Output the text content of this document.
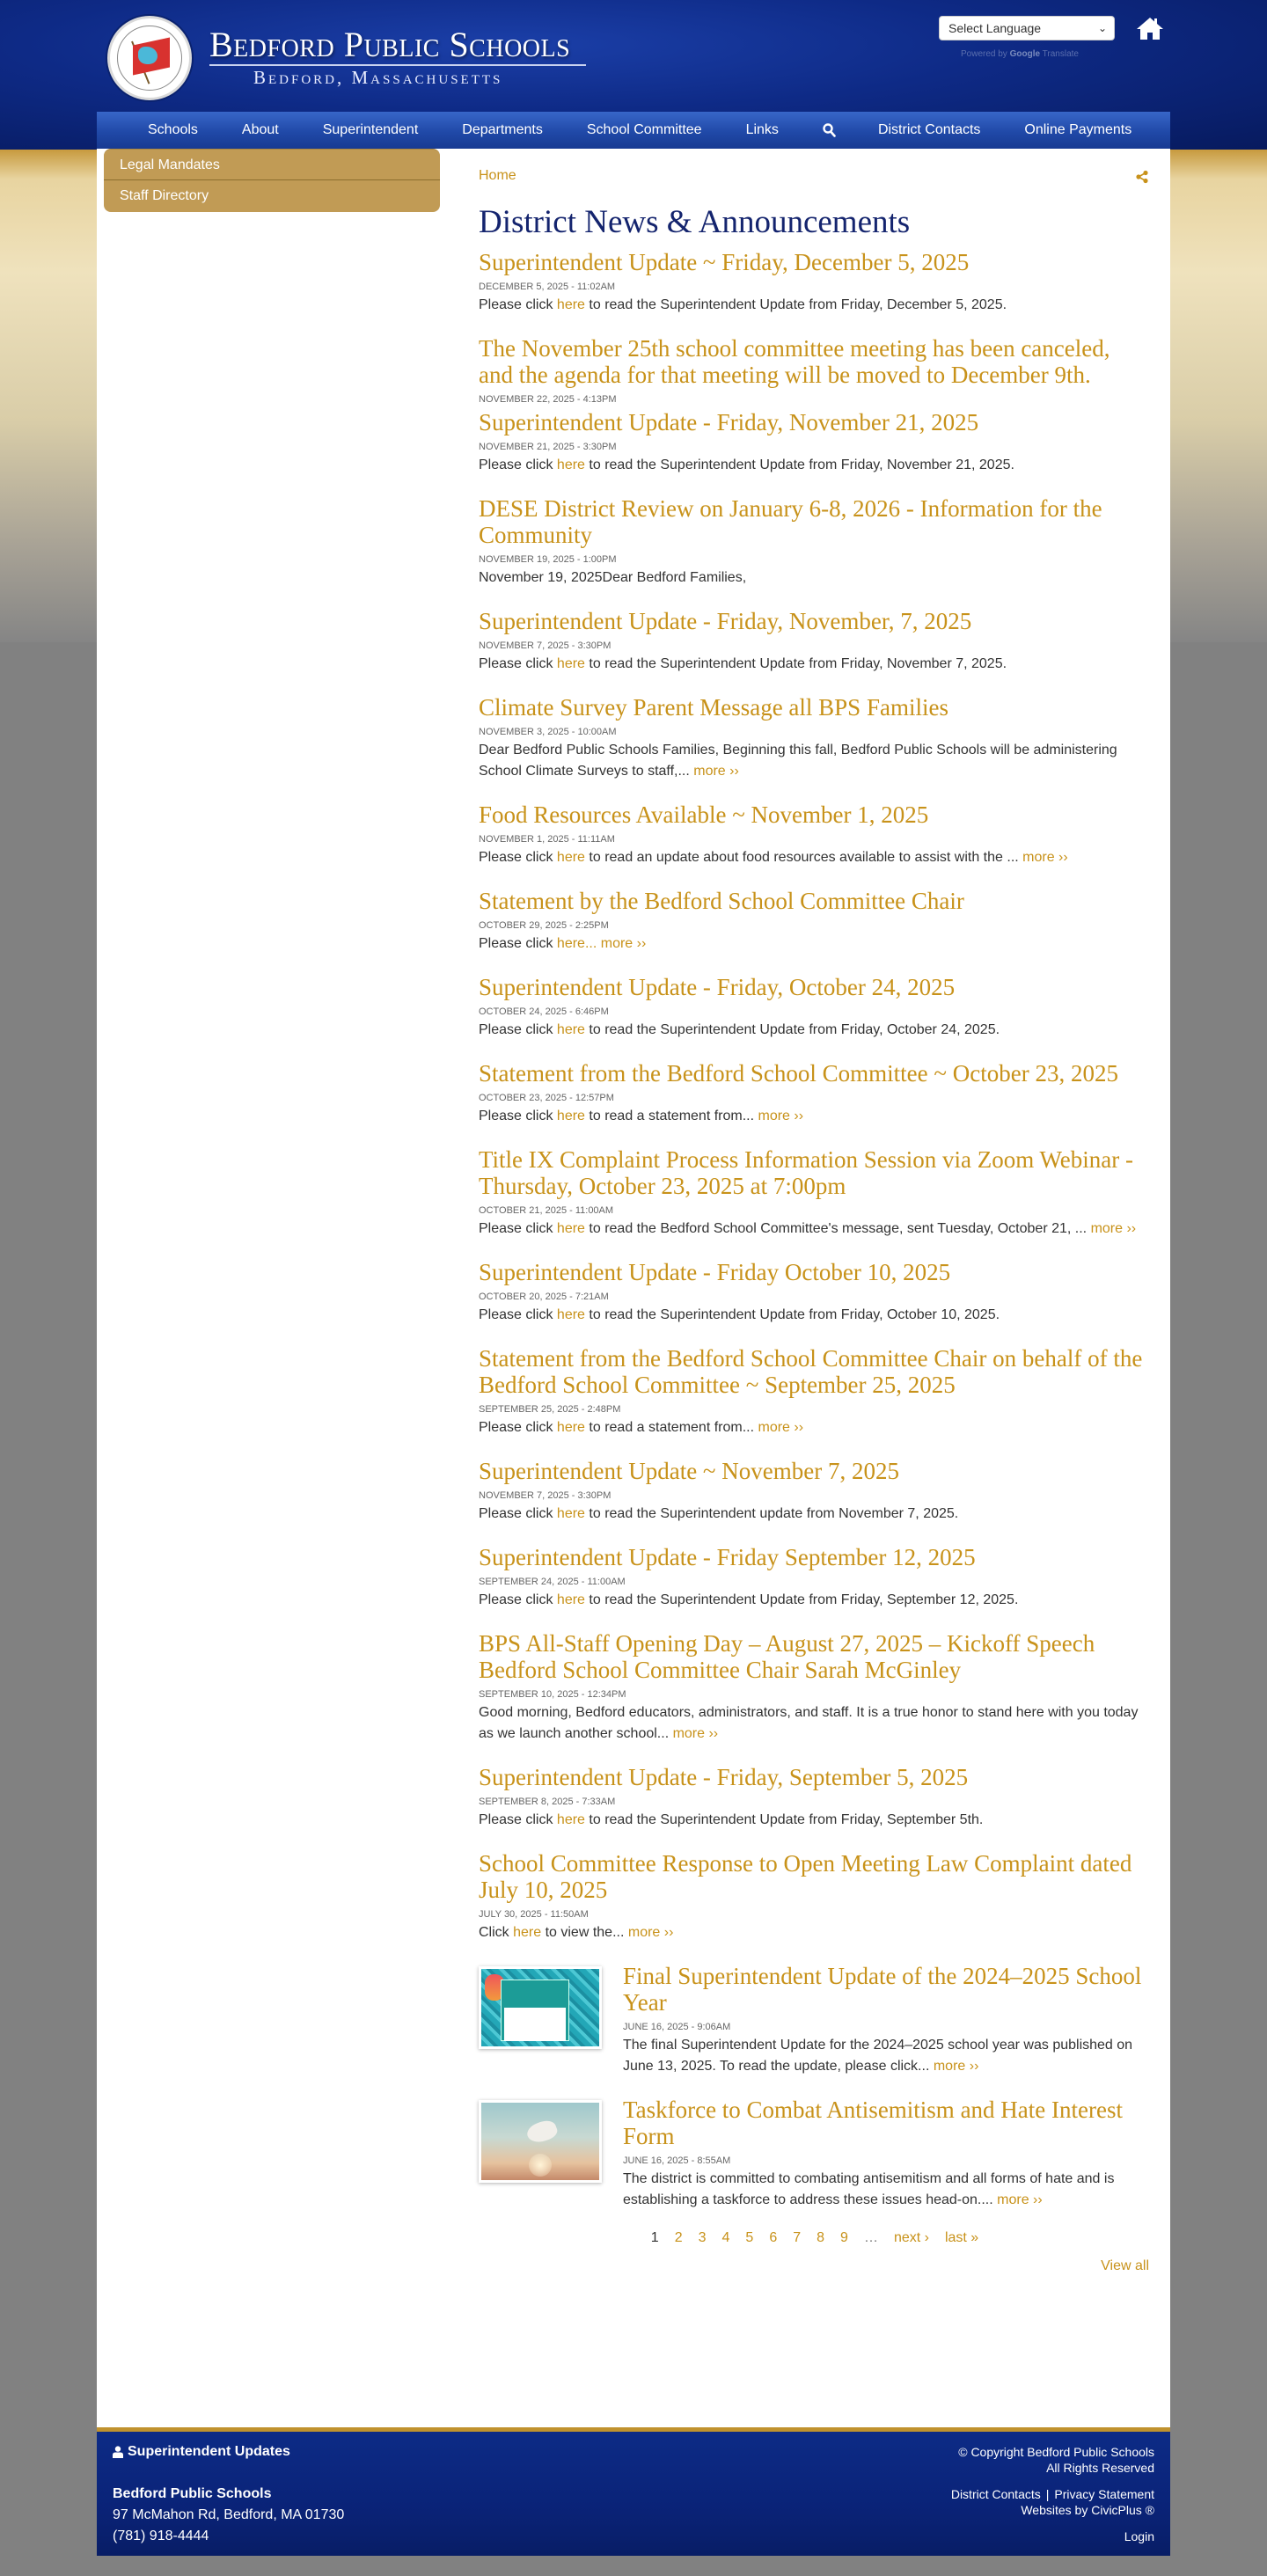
Bedford Public Schools
Bedford, Massachusetts
Select Language	⌄
Powered by Google Translate
Schools	About	Superintendent	Departments	School Committee	Links	District Contacts	Online Payments
Legal Mandates
Staff Directory
Home
District News & Announcements
Superintendent Update ~ Friday, December 5, 2025
DECEMBER 5, 2025 - 11:02AM
Please click here to read the Superintendent Update from Friday, December 5, 2025.
The November 25th school committee meeting has been canceled, and the agenda for that meeting will be moved to December 9th.
NOVEMBER 22, 2025 - 4:13PM
Superintendent Update - Friday, November 21, 2025
NOVEMBER 21, 2025 - 3:30PM
Please click here to read the Superintendent Update from Friday, November 21, 2025.
DESE District Review on January 6-8, 2026 - Information for the Community
NOVEMBER 19, 2025 - 1:00PM
November 19, 2025Dear Bedford Families,
Superintendent Update - Friday, November, 7, 2025
NOVEMBER 7, 2025 - 3:30PM
Please click here to read the Superintendent Update from Friday, November 7, 2025.
Climate Survey Parent Message all BPS Families
NOVEMBER 3, 2025 - 10:00AM
Dear Bedford Public Schools Families, Beginning this fall, Bedford Public Schools will be administering School Climate Surveys to staff,... more ››
Food Resources Available ~ November 1, 2025
NOVEMBER 1, 2025 - 11:11AM
Please click here to read an update about food resources available to assist with the ... more ››
Statement by the Bedford School Committee Chair
OCTOBER 29, 2025 - 2:25PM
Please click here... more ››
Superintendent Update - Friday, October 24, 2025
OCTOBER 24, 2025 - 6:46PM
Please click here to read the Superintendent Update from Friday, October 24, 2025.
Statement from the Bedford School Committee ~ October 23, 2025
OCTOBER 23, 2025 - 12:57PM
Please click here to read a statement from... more ››
Title IX Complaint Process Information Session via Zoom Webinar - Thursday, October 23, 2025 at 7:00pm
OCTOBER 21, 2025 - 11:00AM
Please click here to read the Bedford School Committee's message, sent Tuesday, October 21, ... more ››
Superintendent Update - Friday October 10, 2025
OCTOBER 20, 2025 - 7:21AM
Please click here to read the Superintendent Update from Friday, October 10, 2025.
Statement from the Bedford School Committee Chair on behalf of the Bedford School Committee ~ September 25, 2025
SEPTEMBER 25, 2025 - 2:48PM
Please click here to read a statement from... more ››
Superintendent Update ~ November 7, 2025
NOVEMBER 7, 2025 - 3:30PM
Please click here to read the Superintendent update from November 7, 2025.
Superintendent Update - Friday September 12, 2025
SEPTEMBER 24, 2025 - 11:00AM
Please click here to read the Superintendent Update from Friday, September 12, 2025.
BPS All-Staff Opening Day – August 27, 2025 – Kickoff Speech Bedford School Committee Chair Sarah McGinley
SEPTEMBER 10, 2025 - 12:34PM
Good morning, Bedford educators, administrators, and staff. It is a true honor to stand here with you today as we launch another school... more ››
Superintendent Update - Friday, September 5, 2025
SEPTEMBER 8, 2025 - 7:33AM
Please click here to read the Superintendent Update from Friday, September 5th.
School Committee Response to Open Meeting Law Complaint dated July 10, 2025
JULY 30, 2025 - 11:50AM
Click here to view the... more ››
Final Superintendent Update of the 2024–2025 School Year
JUNE 16, 2025 - 9:06AM
The final Superintendent Update for the 2024–2025 school year was published on June 13, 2025. To read the update, please click... more ››
Taskforce to Combat Antisemitism and Hate Interest Form
JUNE 16, 2025 - 8:55AM
The district is committed to combating antisemitism and all forms of hate and is establishing a taskforce to address these issues head-on.... more ››
1 2 3 4 5 6 7 8 9 … next › last »
View all
Superintendent Updates
Bedford Public Schools
97 McMahon Rd, Bedford, MA 01730
(781) 918-4444
© Copyright Bedford Public Schools
All Rights Reserved
District Contacts | Privacy Statement
Websites by CivicPlus ®
Login
